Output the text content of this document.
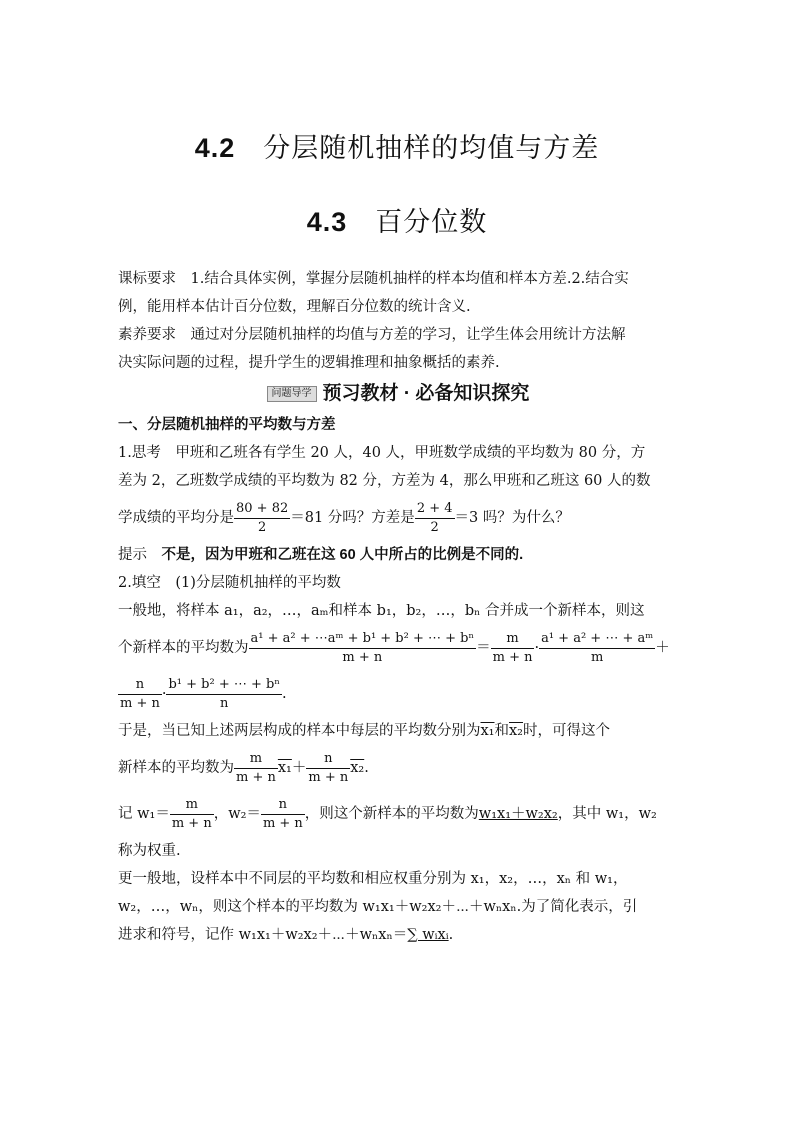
4.2 分层随机抽样的均值与方差
4.3 百分位数
课标要求　 1.结合具体实例，掌握分层随机抽样的样本均值和样本方差.2.结合实
例，能用样本估计百分位数，理解百分位数的统计含义.
素养要求　 通过对分层随机抽样的均值与方差的学习，让学生体会用统计方法解
决实际问题的过程，提升学生的逻辑推理和抽象概括的素养.
问题导学 预习教材 · 必备知识探究
一、分层随机抽样的平均数与方差
1.思考　甲班和乙班各有学生 20 人，40 人，甲班数学成绩的平均数为 80 分，方
差为 2，乙班数学成绩的平均数为 82 分，方差为 4，那么甲班和乙班这 60 人的数
学成绩的平均分是 $\frac{80 + 82}{2} =81$ 分吗？方差是 $\frac{2 + 4}{2} =3$ 吗？为什么？
提示　 不是，因为甲班和乙班在这 60 人中所占的比例是不同的.
2.填空　(1)分层随机抽样的平均数
一般地，将样本 a₁，a₂，…，aₘ和样本 b₁，b₂，…，bₙ 合并成一个新样本，则这
个新样本的平均数为 $\frac{\text{a¹ + a² + ⋯aᵐ + b¹ + b² + ⋯ + bⁿ}}{m + n} = \frac{m}{m + n} \cdot \frac{\text{a¹ + a² + ⋯ + aᵐ}}{m}$ ＋
$\frac{n}{m + n} \cdot \frac{\text{b¹ + b² + ⋯ + bⁿ}}{n}$ .
于是，当已知上述两层构成的样本中每层的平均数分别为x₁和x₂时，可得这个
新样本的平均数为 $\frac{m}{m + n} x_1+ \frac{n}{m + n} x_2$.
记 $w_1= \frac{m}{m + n}$ ，$w_2= \frac{n}{m + n}$ ，则这个新样本的平均数为w₁x₁＋w₂x₂，其中 w₁，w₂
称为权重.
更一般地，设样本中不同层的平均数和相应权重分别为 x₁，x₂，…，xₙ 和 w₁，
w₂，…，wₙ，则这个样本的平均数为 w₁x₁＋w₂x₂＋⋯＋wₙxₙ.为了简化表示，引
进求和符号，记作 w₁x₁＋w₂x₂＋⋯＋wₙxₙ＝∑ wᵢxᵢ.
